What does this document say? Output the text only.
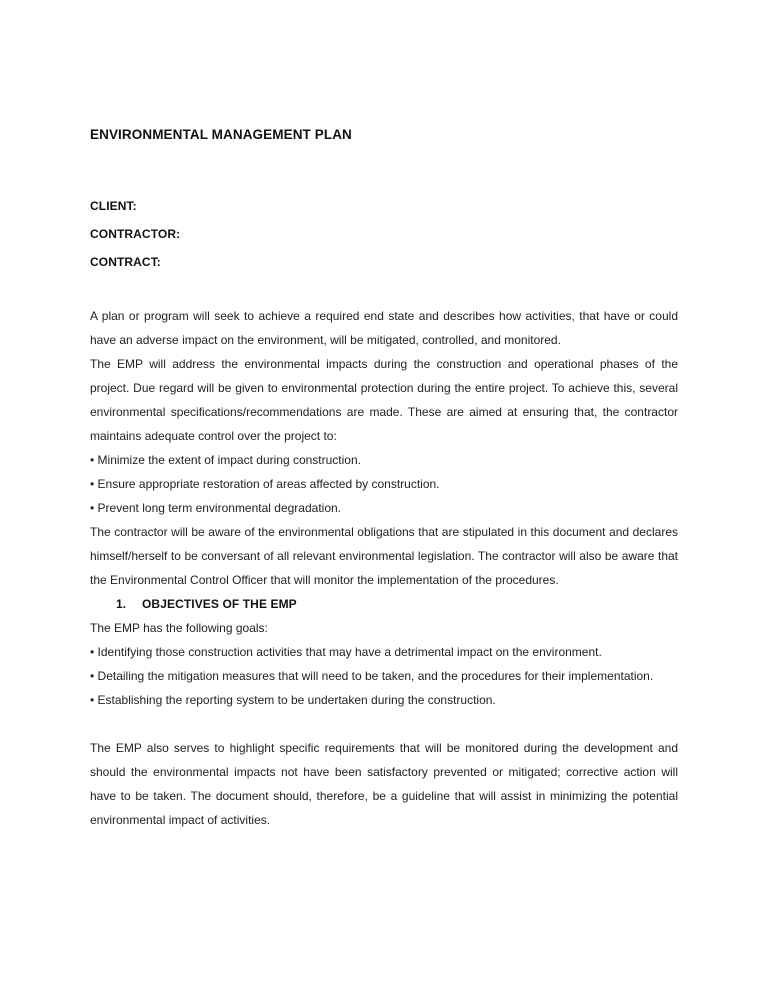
ENVIRONMENTAL MANAGEMENT PLAN

CLIENT:

CONTRACTOR:

CONTRACT:

A plan or program will seek to achieve a required end state and describes how activities, that have or could have an adverse impact on the environment, will be mitigated, controlled, and monitored.

The EMP will address the environmental impacts during the construction and operational phases of the project. Due regard will be given to environmental protection during the entire project. To achieve this, several environmental specifications/recommendations are made. These are aimed at ensuring that, the contractor maintains adequate control over the project to:

• Minimize the extent of impact during construction.

• Ensure appropriate restoration of areas affected by construction.

• Prevent long term environmental degradation.

The contractor will be aware of the environmental obligations that are stipulated in this document and declares himself/herself to be conversant of all relevant environmental legislation. The contractor will also be aware that the Environmental Control Officer that will monitor the implementation of the procedures.

1. OBJECTIVES OF THE EMP

The EMP has the following goals:

• Identifying those construction activities that may have a detrimental impact on the environment.

• Detailing the mitigation measures that will need to be taken, and the procedures for their implementation.

• Establishing the reporting system to be undertaken during the construction.

The EMP also serves to highlight specific requirements that will be monitored during the development and should the environmental impacts not have been satisfactory prevented or mitigated; corrective action will have to be taken. The document should, therefore, be a guideline that will assist in minimizing the potential environmental impact of activities.
